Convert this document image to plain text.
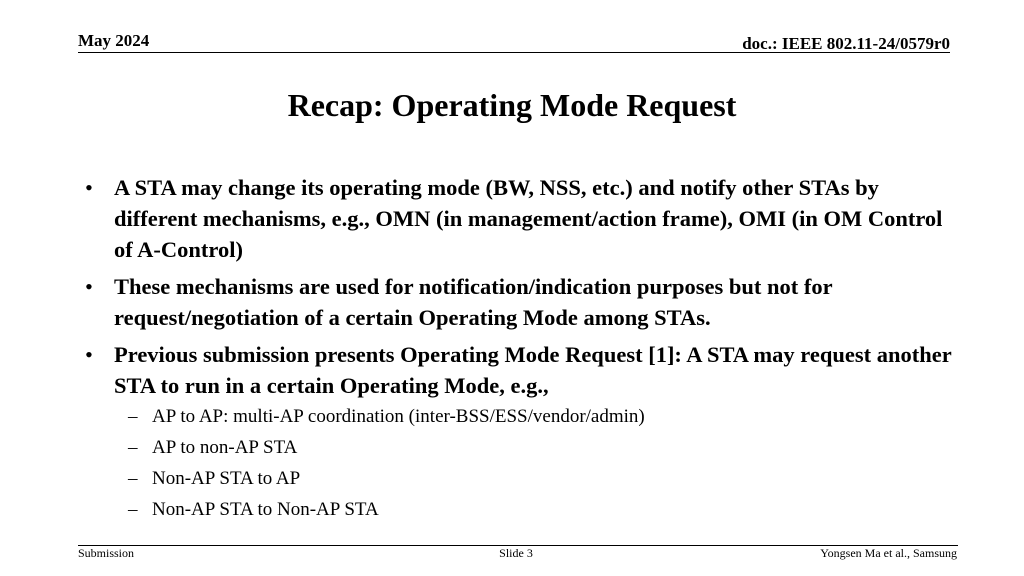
May 2024	doc.: IEEE 802.11-24/0579r0
Recap: Operating Mode Request
• A STA may change its operating mode (BW, NSS, etc.) and notify other STAs by different mechanisms, e.g., OMN (in management/action frame), OMI (in OM Control of A-Control)
• These mechanisms are used for notification/indication purposes but not for request/negotiation of a certain Operating Mode among STAs.
• Previous submission presents Operating Mode Request [1]: A STA may request another STA to run in a certain Operating Mode, e.g.,
– AP to AP: multi-AP coordination (inter-BSS/ESS/vendor/admin)
– AP to non-AP STA
– Non-AP STA to AP
– Non-AP STA to Non-AP STA
Submission	Slide 3	Yongsen Ma et al., Samsung
